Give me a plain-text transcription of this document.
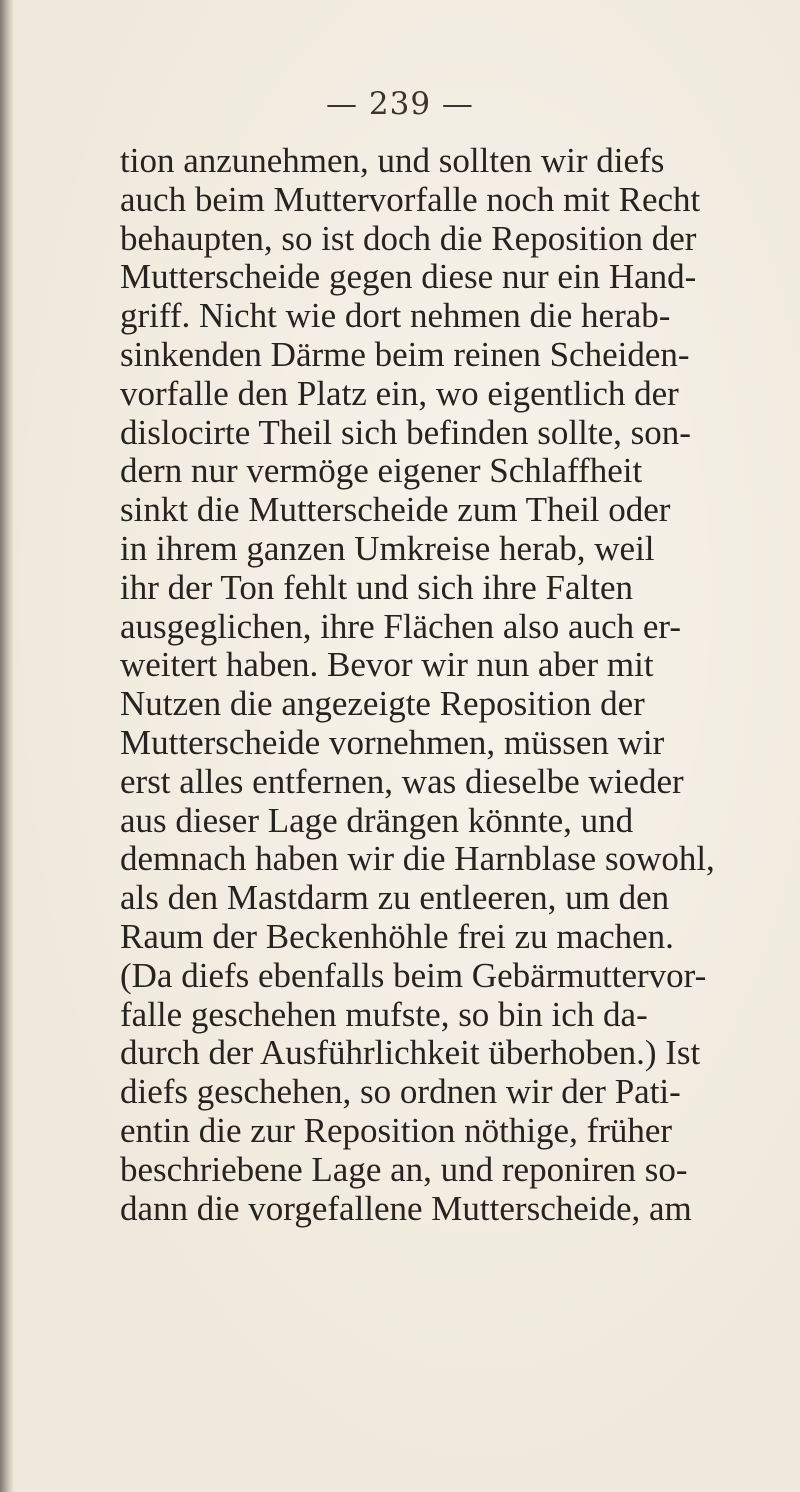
— 239 —
tion anzunehmen, und sollten wir diefs
auch beim Muttervorfalle noch mit Recht
behaupten, so ist doch die Reposition der
Mutterscheide gegen diese nur ein Hand-
griff. Nicht wie dort nehmen die herab-
sinkenden Därme beim reinen Scheiden-
vorfalle den Platz ein, wo eigentlich der
dislocirte Theil sich befinden sollte, son-
dern nur vermöge eigener Schlaffheit
sinkt die Mutterscheide zum Theil oder
in ihrem ganzen Umkreise herab, weil
ihr der Ton fehlt und sich ihre Falten
ausgeglichen, ihre Flächen also auch er-
weitert haben. Bevor wir nun aber mit
Nutzen die angezeigte Reposition der
Mutterscheide vornehmen, müssen wir
erst alles entfernen, was dieselbe wieder
aus dieser Lage drängen könnte, und
demnach haben wir die Harnblase sowohl,
als den Mastdarm zu entleeren, um den
Raum der Beckenhöhle frei zu machen.
(Da diefs ebenfalls beim Gebärmuttervor-
falle geschehen mufste, so bin ich da-
durch der Ausführlichkeit überhoben.) Ist
diefs geschehen, so ordnen wir der Pati-
entin die zur Reposition nöthige, früher
beschriebene Lage an, und reponiren so-
dann die vorgefallene Mutterscheide, am
